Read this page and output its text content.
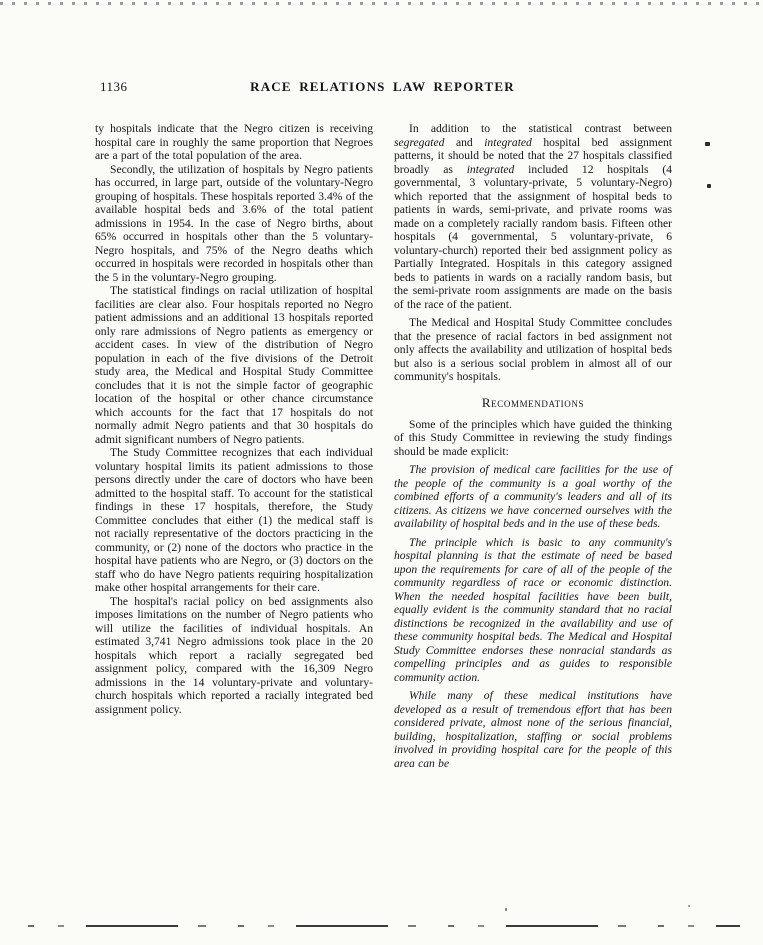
1136	RACE RELATIONS LAW REPORTER

ty hospitals indicate that the Negro citizen is receiving hospital care in roughly the same proportion that Negroes are a part of the total population of the area.

Secondly, the utilization of hospitals by Negro patients has occurred, in large part, outside of the voluntary-Negro grouping of hospitals. These hospitals reported 3.4% of the available hospital beds and 3.6% of the total patient admissions in 1954. In the case of Negro births, about 65% occurred in hospitals other than the 5 voluntary-Negro hospitals, and 75% of the Negro deaths which occurred in hospitals were recorded in hospitals other than the 5 in the voluntary-Negro grouping.

The statistical findings on racial utilization of hospital facilities are clear also. Four hospitals reported no Negro patient admissions and an additional 13 hospitals reported only rare admissions of Negro patients as emergency or accident cases. In view of the distribution of Negro population in each of the five divisions of the Detroit study area, the Medical and Hospital Study Committee concludes that it is not the simple factor of geographic location of the hospital or other chance circumstance which accounts for the fact that 17 hospitals do not normally admit Negro patients and that 30 hospitals do admit significant numbers of Negro patients.

The Study Committee recognizes that each individual voluntary hospital limits its patient admissions to those persons directly under the care of doctors who have been admitted to the hospital staff. To account for the statistical findings in these 17 hospitals, therefore, the Study Committee concludes that either (1) the medical staff is not racially representative of the doctors practicing in the community, or (2) none of the doctors who practice in the hospital have patients who are Negro, or (3) doctors on the staff who do have Negro patients requiring hospitalization make other hospital arrangements for their care.

The hospital's racial policy on bed assignments also imposes limitations on the number of Negro patients who will utilize the facilities of individual hospitals. An estimated 3,741 Negro admissions took place in the 20 hospitals which report a racially segregated bed assignment policy, compared with the 16,309 Negro admissions in the 14 voluntary-private and voluntary-church hospitals which reported a racially integrated bed assignment policy.

In addition to the statistical contrast between segregated and integrated hospital bed assignment patterns, it should be noted that the 27 hospitals classified broadly as integrated included 12 hospitals (4 governmental, 3 voluntary-private, 5 voluntary-Negro) which reported that the assignment of hospital beds to patients in wards, semi-private, and private rooms was made on a completely racially random basis. Fifteen other hospitals (4 governmental, 5 voluntary-private, 6 voluntary-church) reported their bed assignment policy as Partially Integrated. Hospitals in this category assigned beds to patients in wards on a racially random basis, but the semi-private room assignments are made on the basis of the race of the patient.

The Medical and Hospital Study Committee concludes that the presence of racial factors in bed assignment not only affects the availability and utilization of hospital beds but also is a serious social problem in almost all of our community's hospitals.

Recommendations

Some of the principles which have guided the thinking of this Study Committee in reviewing the study findings should be made explicit:

The provision of medical care facilities for the use of the people of the community is a goal worthy of the combined efforts of a community's leaders and all of its citizens. As citizens we have concerned ourselves with the availability of hospital beds and in the use of these beds.

The principle which is basic to any community's hospital planning is that the estimate of need be based upon the requirements for care of all of the people of the community regardless of race or economic distinction. When the needed hospital facilities have been built, equally evident is the community standard that no racial distinctions be recognized in the availability and use of these community hospital beds. The Medical and Hospital Study Committee endorses these nonracial standards as compelling principles and as guides to responsible community action.

While many of these medical institutions have developed as a result of tremendous effort that has been considered private, almost none of the serious financial, building, hospitalization, staffing or social problems involved in providing hospital care for the people of this area can be
